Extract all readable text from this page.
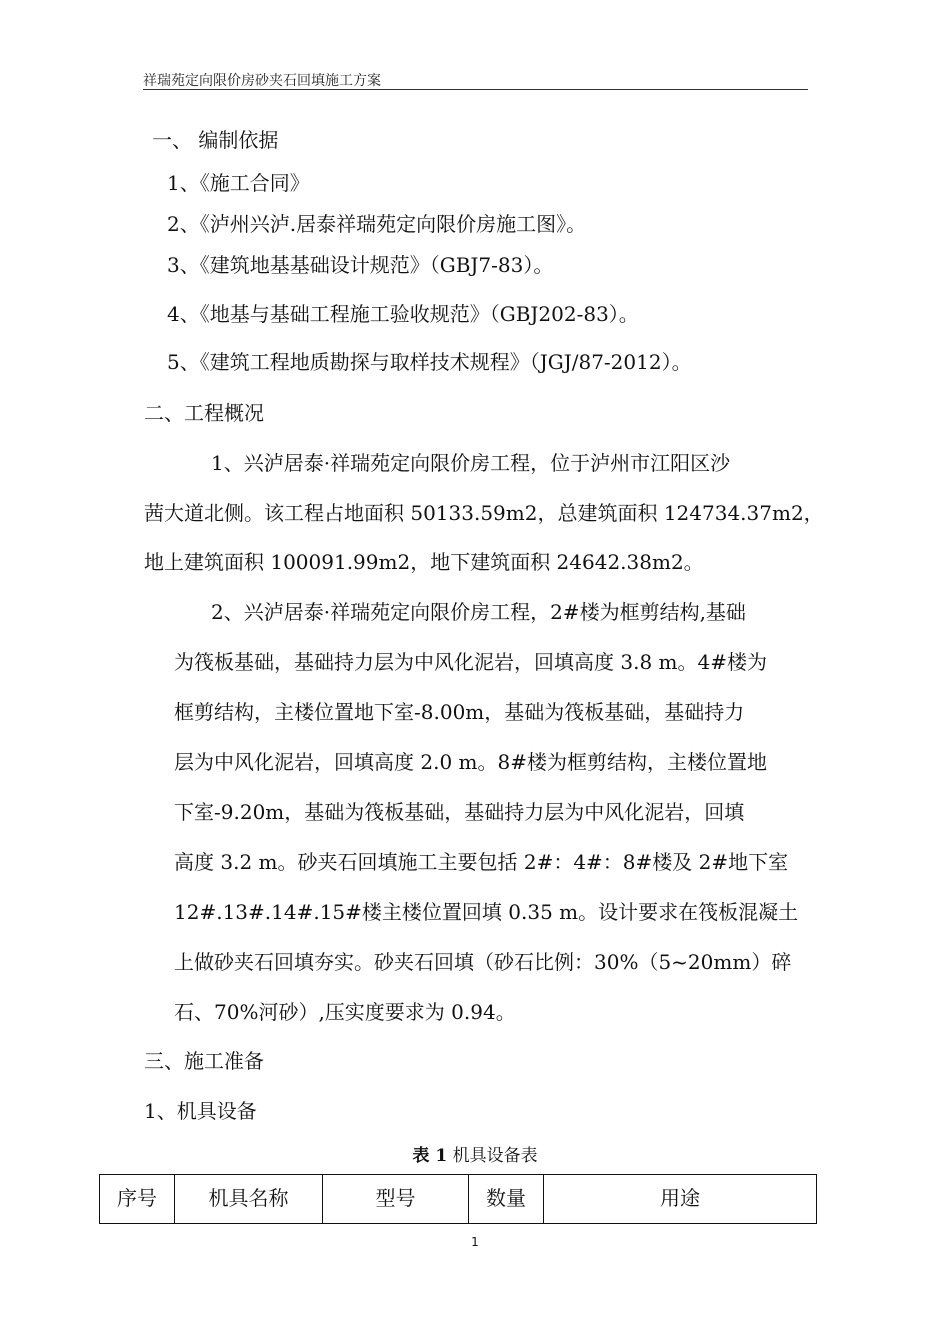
祥瑞苑定向限价房砂夹石回填施工方案
一、 编制依据
1、《施工合同》
2、《泸州兴泸.居泰祥瑞苑定向限价房施工图》。
3、《建筑地基基础设计规范》（GBJ7-83）。
4、《地基与基础工程施工验收规范》（GBJ202-83）。
5、《建筑工程地质勘探与取样技术规程》（JGJ/87-2012）。
二、工程概况
1、兴泸居泰·祥瑞苑定向限价房工程，位于泸州市江阳区沙
茜大道北侧。该工程占地面积 50133.59m2，总建筑面积 124734.37m2，
地上建筑面积 100091.99m2，地下建筑面积 24642.38m2。
2、兴泸居泰·祥瑞苑定向限价房工程，2#楼为框剪结构,基础
为筏板基础，基础持力层为中风化泥岩，回填高度 3.8 m。4#楼为
框剪结构，主楼位置地下室-8.00m，基础为筏板基础，基础持力
层为中风化泥岩，回填高度 2.0 m。8#楼为框剪结构，主楼位置地
下室-9.20m，基础为筏板基础，基础持力层为中风化泥岩，回填
高度 3.2 m。砂夹石回填施工主要包括 2#：4#：8#楼及 2#地下室
12#.13#.14#.15#楼主楼位置回填 0.35 m。设计要求在筏板混凝土
上做砂夹石回填夯实。砂夹石回填（砂石比例：30%（5~20mm）碎
石、70%河砂）,压实度要求为 0.94。
三、施工准备
1、机具设备
表 1 机具设备表
序号	机具名称	型号	数量	用途
1
